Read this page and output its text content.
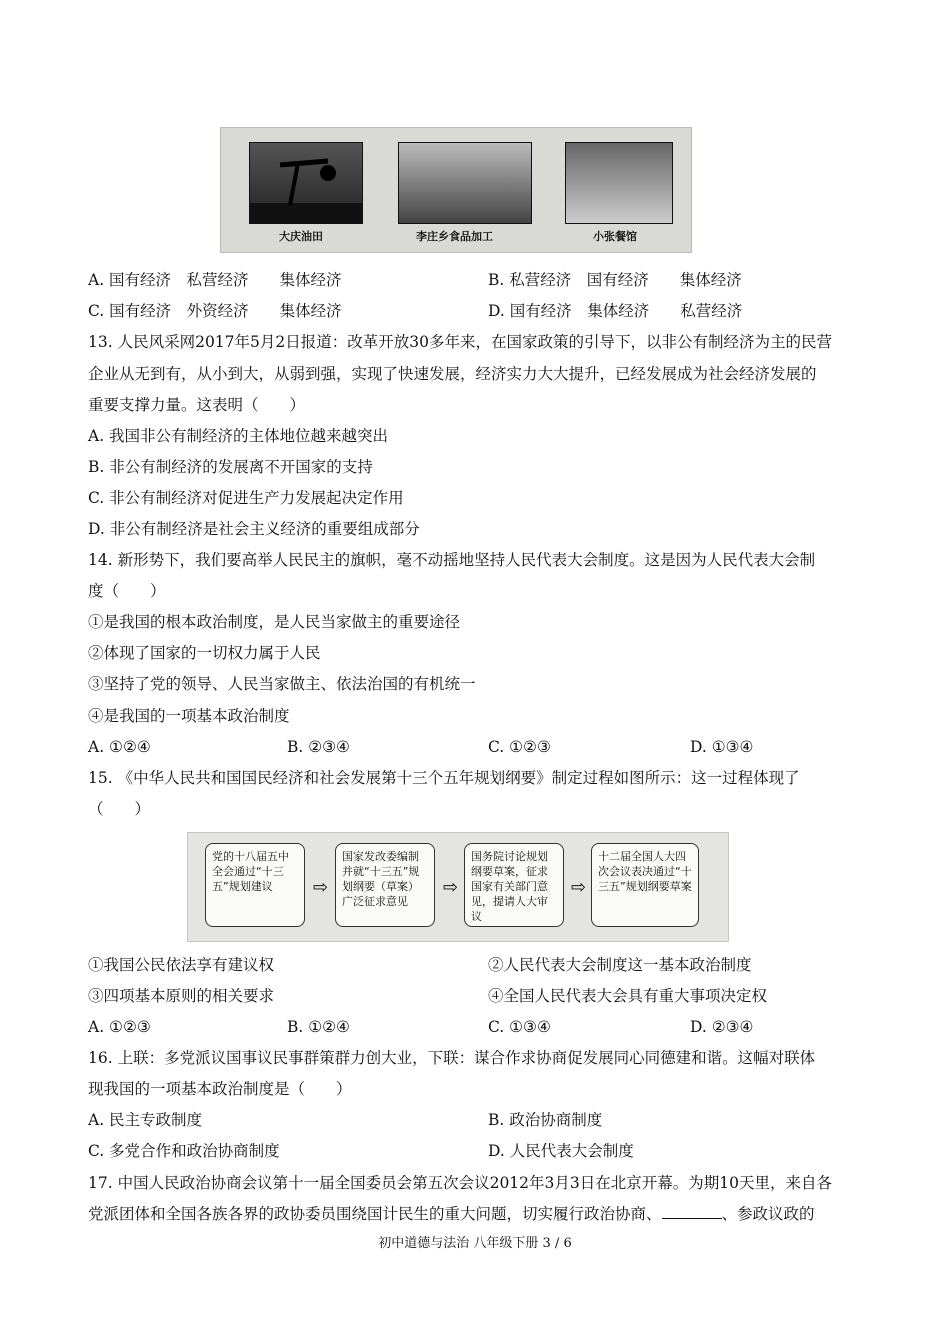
大庆油田	李庄乡食品加工	小张餐馆
A. 国有经济　私营经济　　集体经济	B. 私营经济　国有经济　　集体经济
C. 国有经济　外资经济　　集体经济	D. 国有经济　集体经济　　私营经济
13. 人民风采网2017年5月2日报道：改革开放30多年来，在国家政策的引导下，以非公有制经济为主的民营
企业从无到有，从小到大，从弱到强，实现了快速发展，经济实力大大提升，已经发展成为社会经济发展的
重要支撑力量。这表明（　　）
A. 我国非公有制经济的主体地位越来越突出
B. 非公有制经济的发展离不开国家的支持
C. 非公有制经济对促进生产力发展起决定作用
D. 非公有制经济是社会主义经济的重要组成部分
14. 新形势下，我们要高举人民民主的旗帜，毫不动摇地坚持人民代表大会制度。这是因为人民代表大会制
度（　　）
①是我国的根本政治制度，是人民当家做主的重要途径
②体现了国家的一切权力属于人民
③坚持了党的领导、人民当家做主、依法治国的有机统一
④是我国的一项基本政治制度
A. ①②④	B. ②③④	C. ①②③	D. ①③④
15. 《中华人民共和国国民经济和社会发展第十三个五年规划纲要》制定过程如图所示：这一过程体现了
（　　）
党的十八届五中全会通过“十三五”规划建议	⇨
国家发改委编制并就“十三五”规划纲要（草案）广泛征求意见
⇨
国务院讨论规划纲要草案，征求国家有关部门意见，提请人大审议
⇨
十二届全国人大四次会议表决通过“十三五”规划纲要草案
①我国公民依法享有建议权	②人民代表大会制度这一基本政治制度
③四项基本原则的相关要求	④全国人民代表大会具有重大事项决定权
A. ①②③	B. ①②④	C. ①③④	D. ②③④
16. 上联：多党派议国事议民事群策群力创大业，下联：谋合作求协商促发展同心同德建和谐。这幅对联体
现我国的一项基本政治制度是（　　）
A. 民主专政制度	B. 政治协商制度
C. 多党合作和政治协商制度	D. 人民代表大会制度
17. 中国人民政治协商会议第十一届全国委员会第五次会议2012年3月3日在北京开幕。为期10天里，来自各
党派团体和全国各族各界的政协委员围绕国计民生的重大问题，切实履行政治协商、	、参政议政的
初中道德与法治 八年级下册 3 / 6
